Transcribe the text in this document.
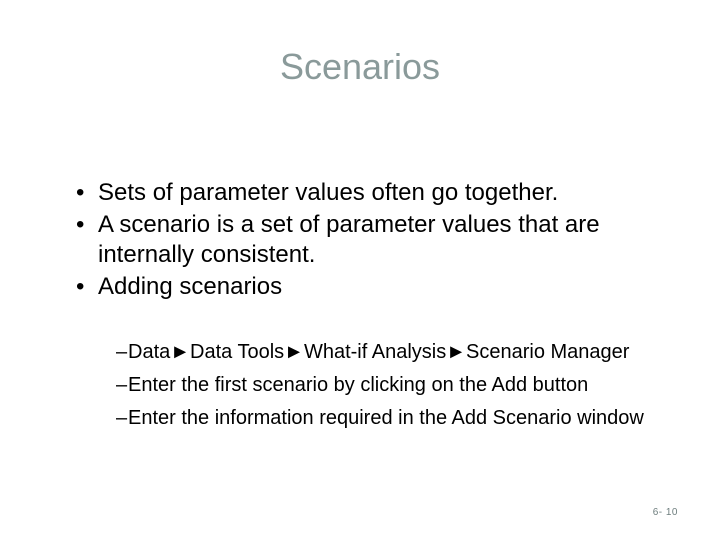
Scenarios
• Sets of parameter values often go together.
• A scenario is a set of parameter values that are internally consistent.
• Adding scenarios
– Data►Data Tools►What-if Analysis►Scenario Manager
– Enter the first scenario by clicking on the Add button
– Enter the information required in the Add Scenario window
6- 10
